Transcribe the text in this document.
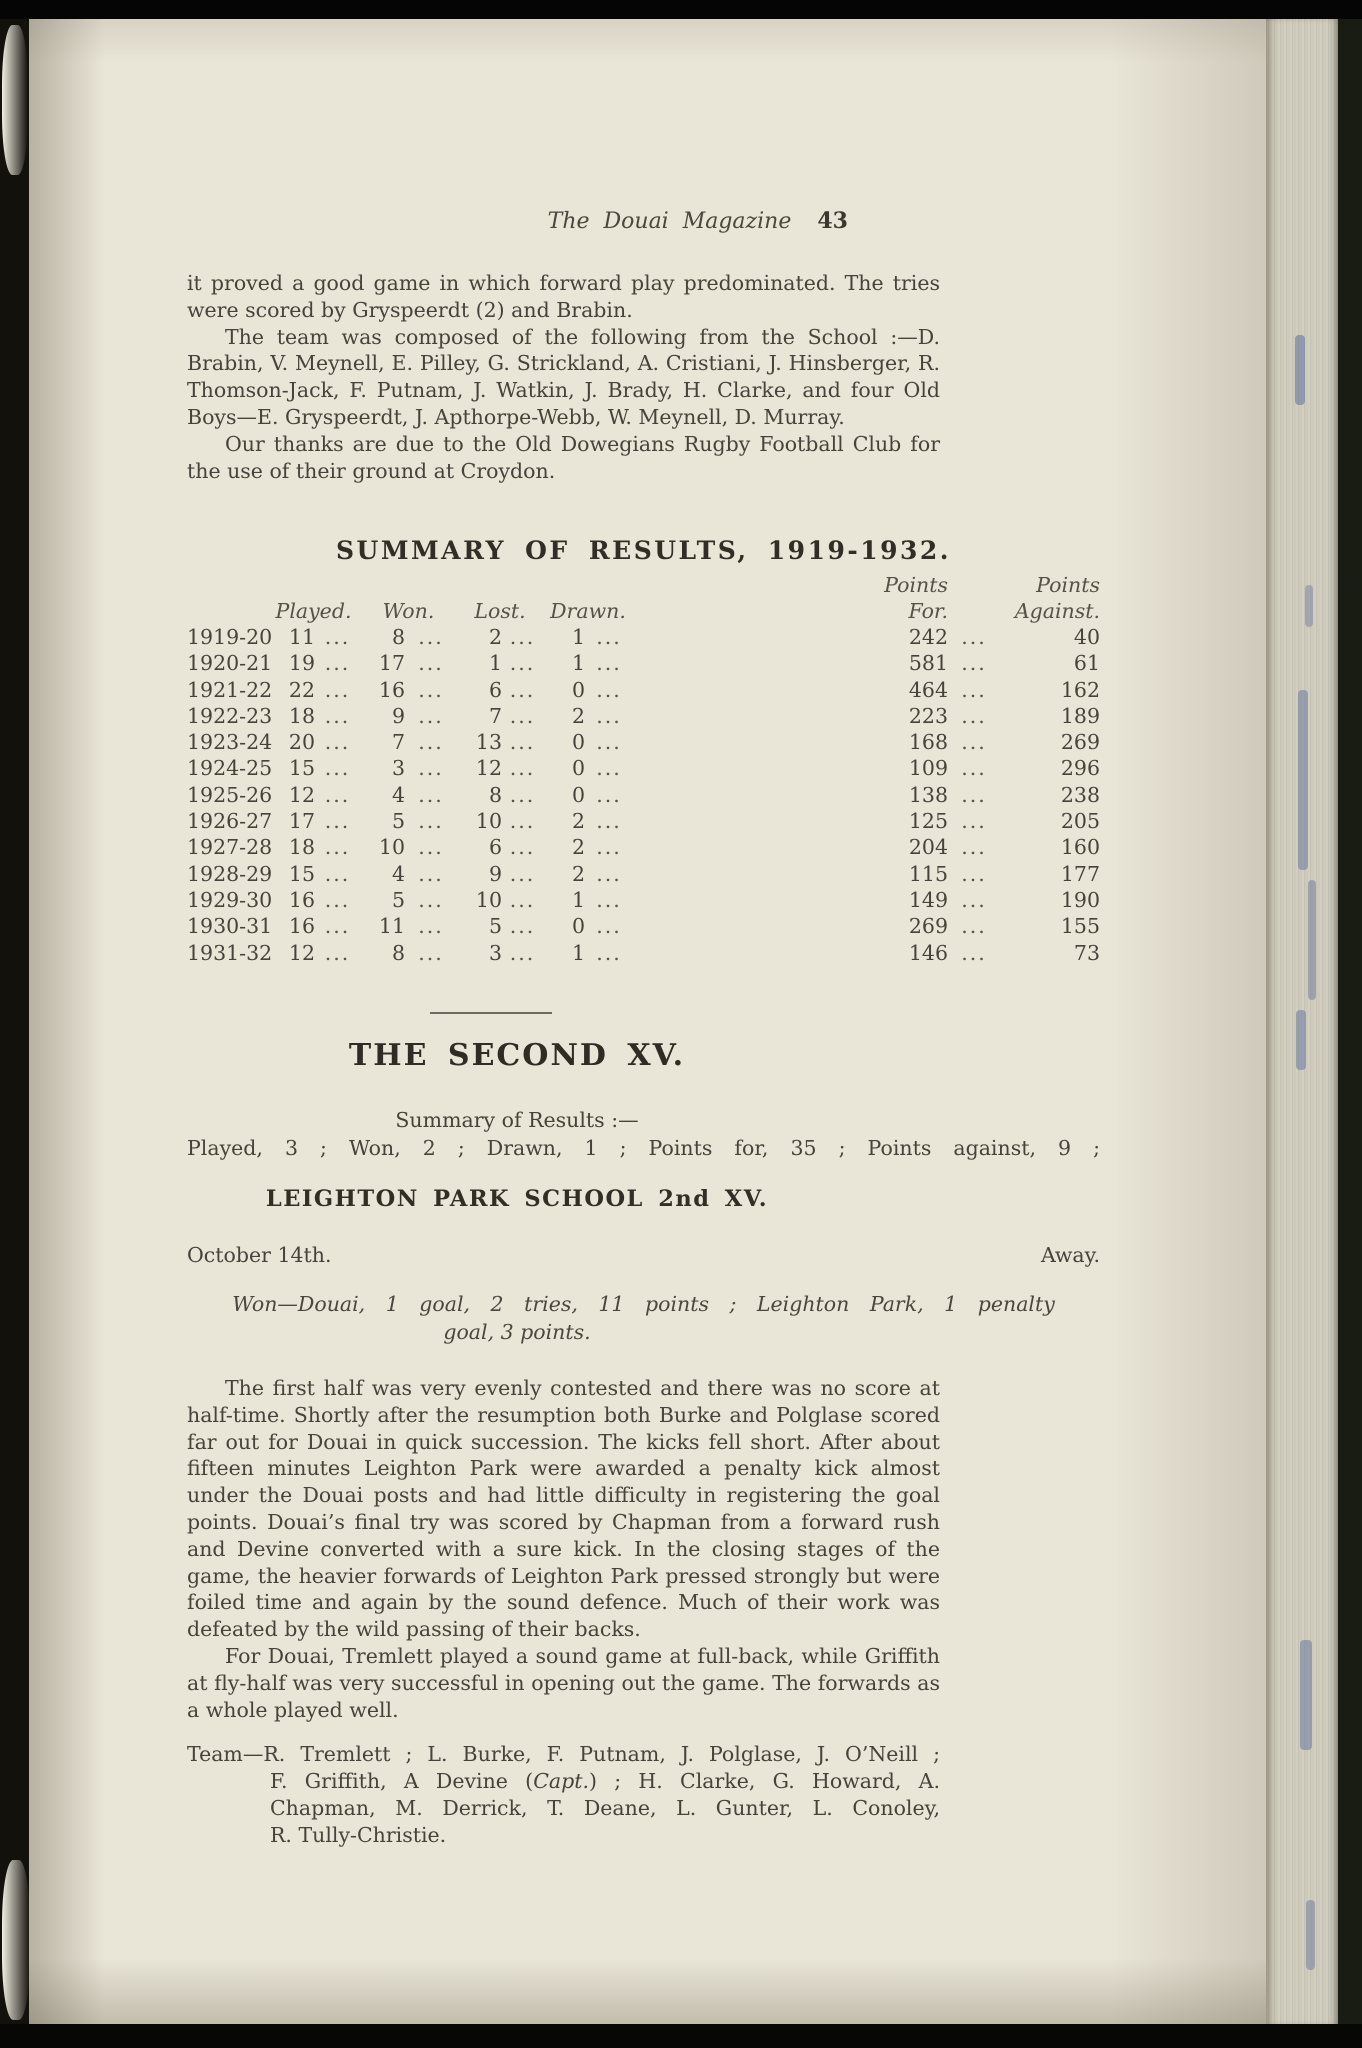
The Douai Magazine 43

it proved a good game in which forward play predominated. The tries were scored by Gryspeerdt (2) and Brabin.

The team was composed of the following from the School :—D. Brabin, V. Meynell, E. Pilley, G. Strickland, A. Cristiani, J. Hinsberger, R. Thomson-Jack, F. Putnam, J. Watkin, J. Brady, H. Clarke, and four Old Boys—E. Gryspeerdt, J. Apthorpe-Webb, W. Meynell, D. Murray.

Our thanks are due to the Old Dowegians Rugby Football Club for the use of their ground at Croydon.

SUMMARY OF RESULTS, 1919-1932.
									Points		Points
	Played.		Won.		Lost.		Drawn.		For.		Against.
1919-20	11	...	8	...	2	...	1	...	242	...	40
1920-21	19	...	17	...	1	...	1	...	581	...	61
1921-22	22	...	16	...	6	...	0	...	464	...	162
1922-23	18	...	9	...	7	...	2	...	223	...	189
1923-24	20	...	7	...	13	...	0	...	168	...	269
1924-25	15	...	3	...	12	...	0	...	109	...	296
1925-26	12	...	4	...	8	...	0	...	138	...	238
1926-27	17	...	5	...	10	...	2	...	125	...	205
1927-28	18	...	10	...	6	...	2	...	204	...	160
1928-29	15	...	4	...	9	...	2	...	115	...	177
1929-30	16	...	5	...	10	...	1	...	149	...	190
1930-31	16	...	11	...	5	...	0	...	269	...	155
1931-32	12	...	8	...	3	...	1	...	146	...	73
THE SECOND XV.
Summary of Results :—
Played, 3 ; Won, 2 ; Drawn, 1 ; Points for, 35 ; Points against, 9 ;
LEIGHTON PARK SCHOOL 2nd XV.
October 14th.	Away.
Won—Douai, 1 goal, 2 tries, 11 points ; Leighton Park, 1 penalty
goal, 3 points.

The first half was very evenly contested and there was no score at half-time. Shortly after the resumption both Burke and Polglase scored far out for Douai in quick succession. The kicks fell short. After about fifteen minutes Leighton Park were awarded a penalty kick almost under the Douai posts and had little difficulty in registering the goal points. Douai’s final try was scored by Chapman from a forward rush and Devine converted with a sure kick. In the closing stages of the game, the heavier forwards of Leighton Park pressed strongly but were foiled time and again by the sound defence. Much of their work was defeated by the wild passing of their backs.

For Douai, Tremlett played a sound game at full-back, while Griffith at fly-half was very successful in opening out the game. The forwards as a whole played well.

Team—R. Tremlett ; L. Burke, F. Putnam, J. Polglase, J. O’Neill ;
F. Griffith, A Devine (Capt.) ; H. Clarke, G. Howard, A.
Chapman, M. Derrick, T. Deane, L. Gunter, L. Conoley,
R. Tully-Christie.
